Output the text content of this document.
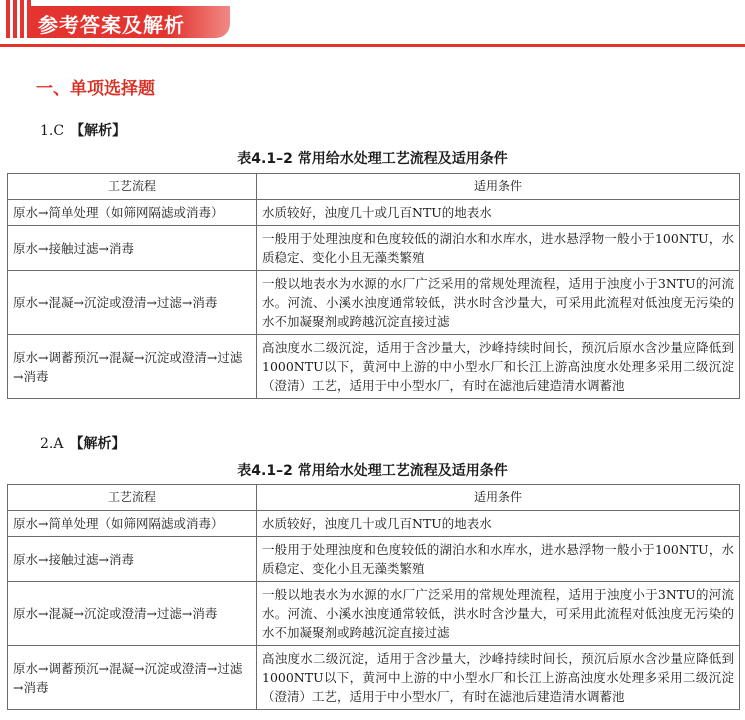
参考答案及解析
一、单项选择题
1.C 【解析】

表4.1–2 常用给水处理工艺流程及适用条件

工艺流程	适用条件
原水→简单处理（如筛网隔滤或消毒）	水质较好，浊度几十或几百NTU的地表水
原水→接触过滤→消毒	一般用于处理浊度和色度较低的湖泊水和水库水，进水悬浮物一般小于100NTU，水质稳定、变化小且无藻类繁殖
原水→混凝→沉淀或澄清→过滤→消毒	一般以地表水为水源的水厂广泛采用的常规处理流程，适用于浊度小于3NTU的河流水。河流、小溪水浊度通常较低，洪水时含沙量大，可采用此流程对低浊度无污染的水不加凝聚剂或跨越沉淀直接过滤
原水→调蓄预沉→混凝→沉淀或澄清→过滤→消毒	高浊度水二级沉淀，适用于含沙量大，沙峰持续时间长，预沉后原水含沙量应降低到1000NTU以下，黄河中上游的中小型水厂和长江上游高浊度水处理多采用二级沉淀（澄清）工艺，适用于中小型水厂，有时在滤池后建造清水调蓄池
2.A 【解析】

表4.1–2 常用给水处理工艺流程及适用条件

工艺流程	适用条件
原水→简单处理（如筛网隔滤或消毒）	水质较好，浊度几十或几百NTU的地表水
原水→接触过滤→消毒	一般用于处理浊度和色度较低的湖泊水和水库水，进水悬浮物一般小于100NTU，水质稳定、变化小且无藻类繁殖
原水→混凝→沉淀或澄清→过滤→消毒	一般以地表水为水源的水厂广泛采用的常规处理流程，适用于浊度小于3NTU的河流水。河流、小溪水浊度通常较低，洪水时含沙量大，可采用此流程对低浊度无污染的水不加凝聚剂或跨越沉淀直接过滤
原水→调蓄预沉→混凝→沉淀或澄清→过滤→消毒	高浊度水二级沉淀，适用于含沙量大，沙峰持续时间长，预沉后原水含沙量应降低到1000NTU以下，黄河中上游的中小型水厂和长江上游高浊度水处理多采用二级沉淀（澄清）工艺，适用于中小型水厂，有时在滤池后建造清水调蓄池
